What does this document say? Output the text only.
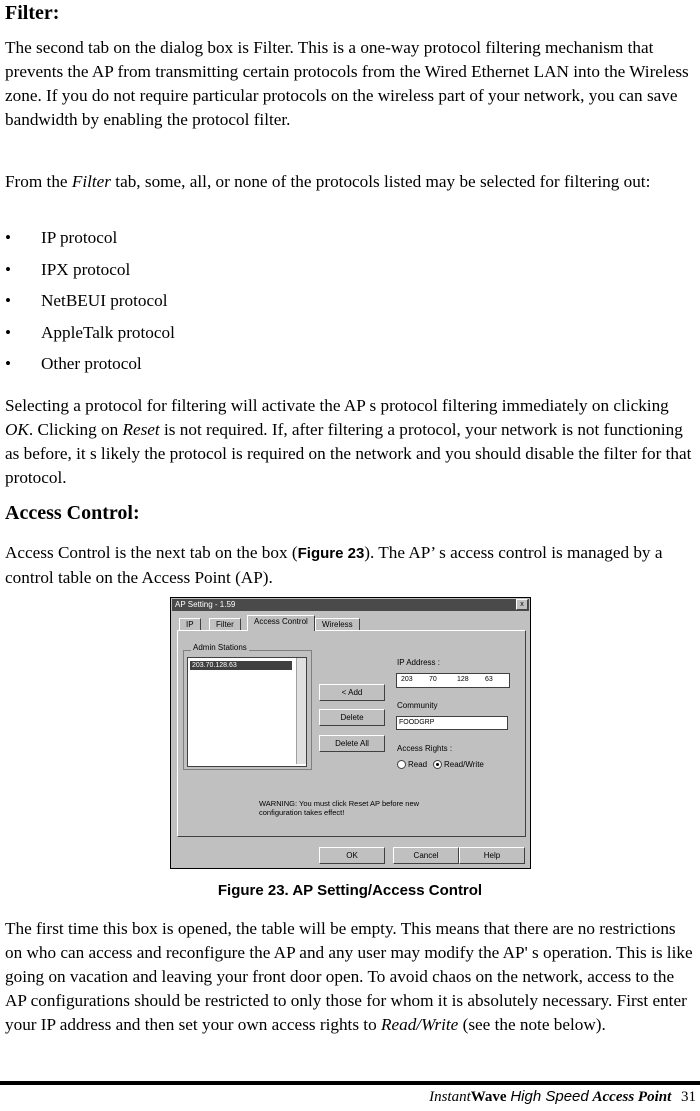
Filter:

The second tab on the dialog box is Filter. This is a one-way protocol filtering mechanism that prevents the AP from transmitting certain protocols from the Wired Ethernet LAN into the Wireless zone. If you do not require particular protocols on the wireless part of your network, you can save bandwidth by enabling the protocol filter.

From the Filter tab, some, all, or none of the protocols listed may be selected for filtering out:

• IP protocol
• IPX protocol
• NetBEUI protocol
• AppleTalk protocol
• Other protocol

Selecting a protocol for filtering will activate the AP s protocol filtering immediately on clicking OK. Clicking on Reset is not required. If, after filtering a protocol, your network is not functioning as before, it s likely the protocol is required on the network and you should disable the filter for that protocol.

Access Control:

Access Control is the next tab on the box (Figure 23). The AP’ s access control is managed by a control table on the Access Point (AP).

AP Setting - 1.59	x
IP	Filter	Access Control	Wireless
Admin Stations
203.70.128.63
< Add
Delete
Delete All
IP Address :
203 70	128 63
Community
FOODGRP
Access Rights :
Read	Read/Write
WARNING: You must click Reset AP before new configuration takes effect!
OK	Cancel	Help
Figure 23. AP Setting/Access Control

The first time this box is opened, the table will be empty. This means that there are no restrictions on who can access and reconfigure the AP and any user may modify the AP' s operation. This is like going on vacation and leaving your front door open. To avoid chaos on the network, access to the AP configurations should be restricted to only those for whom it is absolutely necessary. First enter your IP address and then set your own access rights to Read/Write (see the note below).

InstantWave High Speed Access Point 31
